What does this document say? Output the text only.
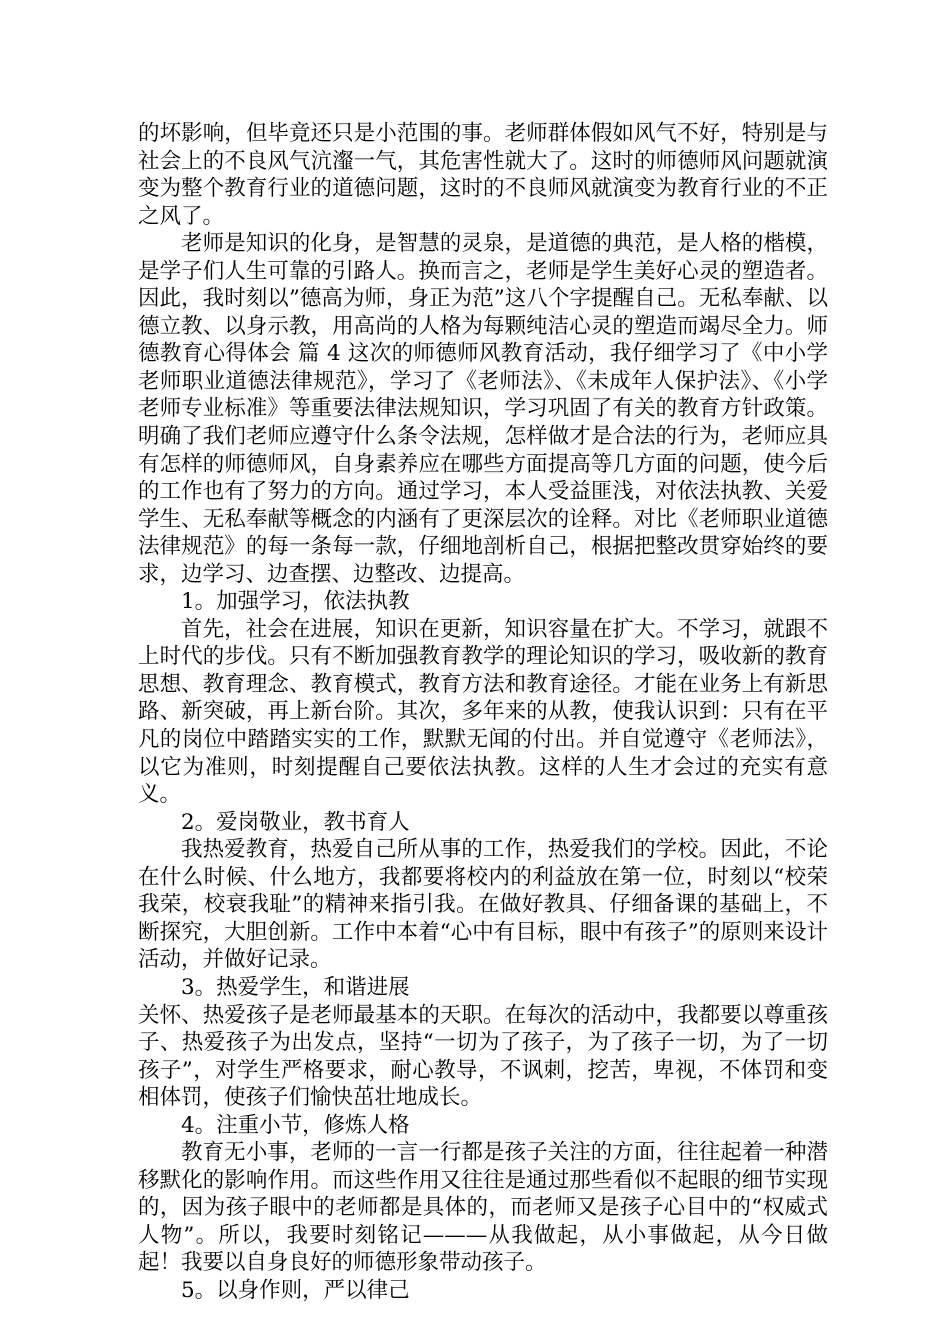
的坏影响，但毕竟还只是小范围的事。老师群体假如风气不好，特别是与社会上的不良风气沆瀣一气，其危害性就大了。这时的师德师风问题就演变为整个教育行业的道德问题，这时的不良师风就演变为教育行业的不正之风了。

老师是知识的化身，是智慧的灵泉，是道德的典范，是人格的楷模，是学子们人生可靠的引路人。换而言之，老师是学生美好心灵的塑造者。因此，我时刻以”德高为师，身正为范”这八个字提醒自己。无私奉献、以德立教、以身示教，用高尚的人格为每颗纯洁心灵的塑造而竭尽全力。师德教育心得体会 篇 4 这次的师德师风教育活动，我仔细学习了《中小学老师职业道德法律规范》，学习了《老师法》、《未成年人保护法》、《小学老师专业标准》等重要法律法规知识，学习巩固了有关的教育方针政策。明确了我们老师应遵守什么条令法规，怎样做才是合法的行为，老师应具有怎样的师德师风，自身素养应在哪些方面提高等几方面的问题，使今后的工作也有了努力的方向。通过学习，本人受益匪浅，对依法执教、关爱学生、无私奉献等概念的内涵有了更深层次的诠释。对比《老师职业道德法律规范》的每一条每一款，仔细地剖析自己，根据把整改贯穿始终的要求，边学习、边查摆、边整改、边提高。

1。加强学习，依法执教

首先，社会在进展，知识在更新，知识容量在扩大。不学习，就跟不上时代的步伐。只有不断加强教育教学的理论知识的学习，吸收新的教育思想、教育理念、教育模式，教育方法和教育途径。才能在业务上有新思路、新突破，再上新台阶。其次，多年来的从教，使我认识到：只有在平凡的岗位中踏踏实实的工作，默默无闻的付出。并自觉遵守《老师法》，以它为准则，时刻提醒自己要依法执教。这样的人生才会过的充实有意义。

2。爱岗敬业，教书育人

我热爱教育，热爱自己所从事的工作，热爱我们的学校。因此，不论在什么时候、什么地方，我都要将校内的利益放在第一位，时刻以“校荣我荣，校衰我耻”的精神来指引我。在做好教具、仔细备课的基础上，不断探究，大胆创新。工作中本着“心中有目标，眼中有孩子”的原则来设计活动，并做好记录。

3。热爱学生，和谐进展

关怀、热爱孩子是老师最基本的天职。在每次的活动中，我都要以尊重孩子、热爱孩子为出发点，坚持“一切为了孩子，为了孩子一切，为了一切孩子”，对学生严格要求，耐心教导，不讽刺，挖苦，卑视，不体罚和变相体罚，使孩子们愉快茁壮地成长。

4。注重小节，修炼人格

教育无小事，老师的一言一行都是孩子关注的方面，往往起着一种潜移默化的影响作用。而这些作用又往往是通过那些看似不起眼的细节实现的，因为孩子眼中的老师都是具体的，而老师又是孩子心目中的“权威式人物”。所以，我要时刻铭记———从我做起，从小事做起，从今日做起！我要以自身良好的师德形象带动孩子。

5。以身作则，严以律己
